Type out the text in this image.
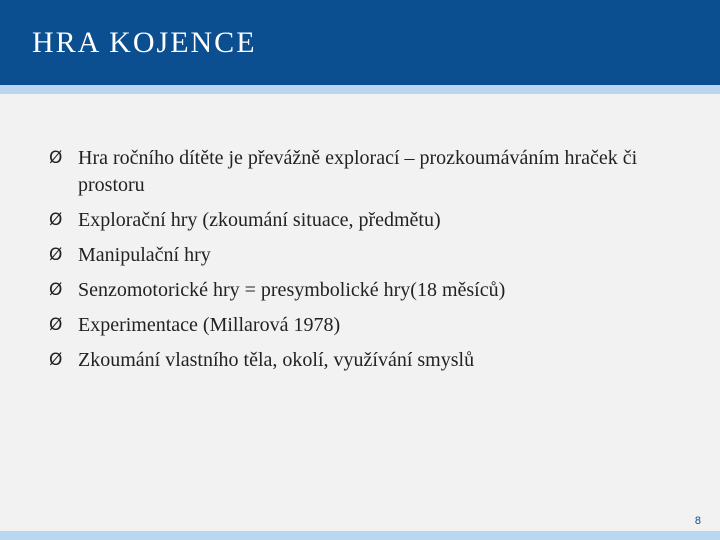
HRA KOJENCE
Ø Hra ročního dítěte je převážně explorací – prozkoumáváním hraček či prostoru
Ø Explorační hry (zkoumání situace, předmětu)
Ø Manipulační hry
Ø Senzomotorické hry = presymbolické hry(18 měsíců)
Ø Experimentace (Millarová 1978)
Ø Zkoumání vlastního těla, okolí, využívání smyslů
8
